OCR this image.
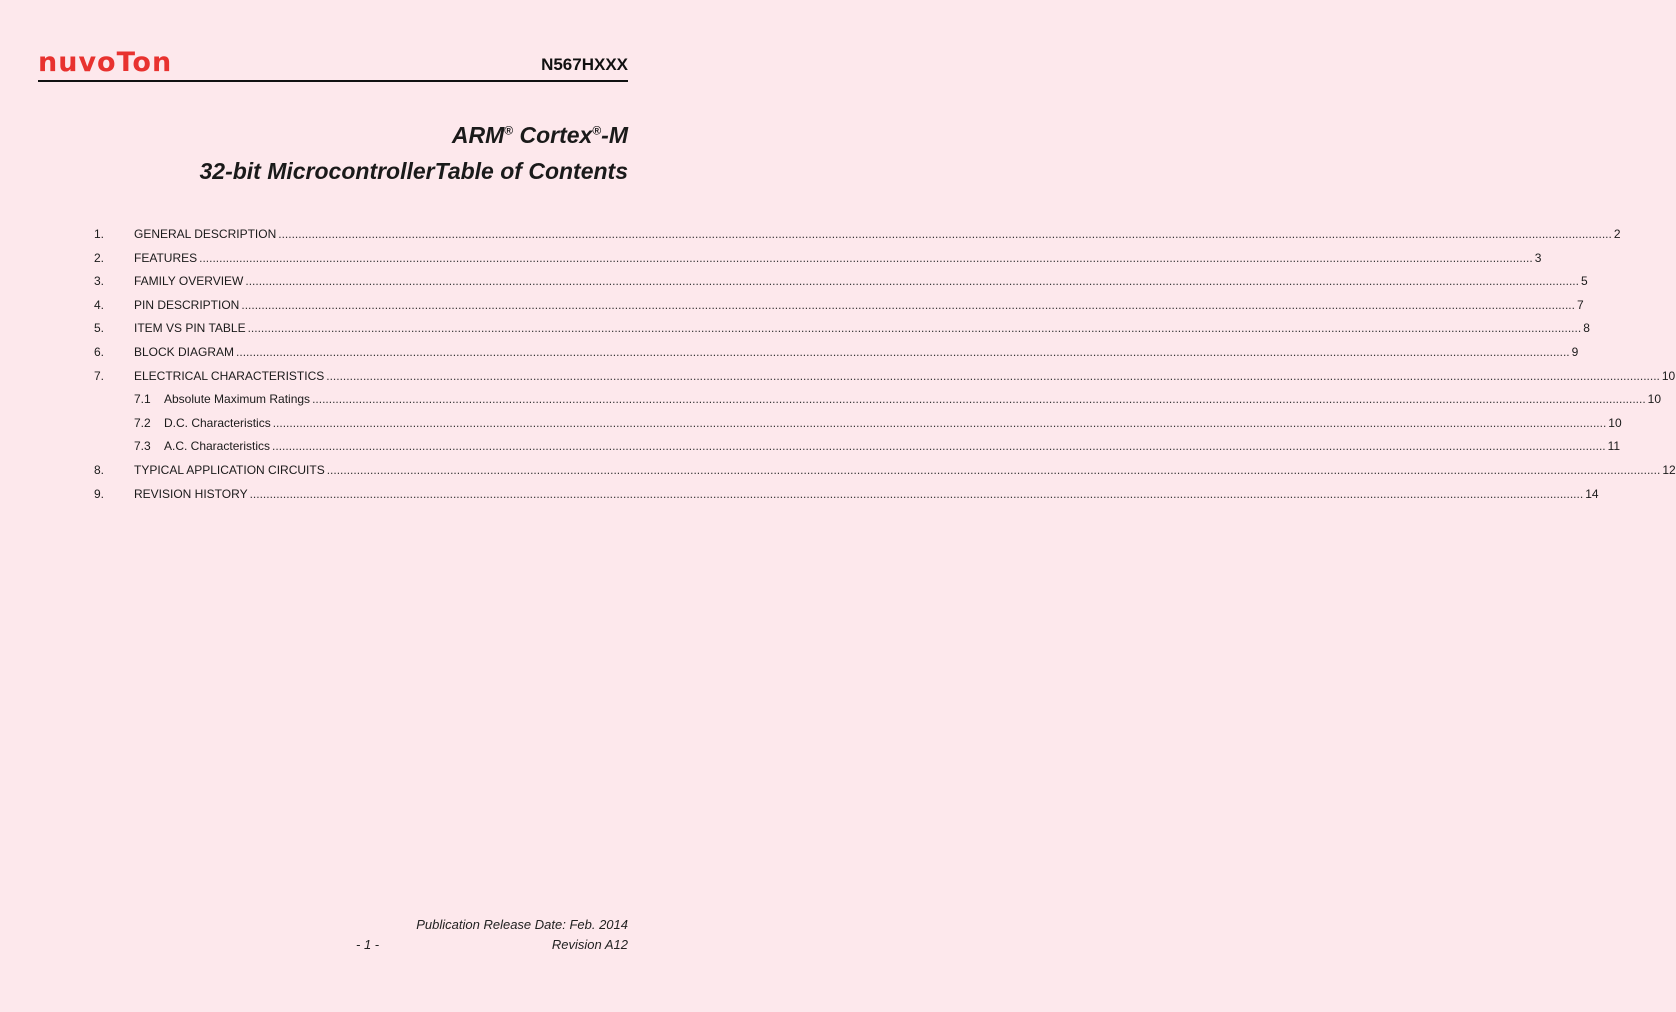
nuvoTon	N567HXXX
ARM® Cortex®-M
32-bit MicrocontrollerTable of Contents
1. GENERAL DESCRIPTION ................................................................................................................................................................................................................................................................................................................................................................................................................ 2
2. FEATURES ................................................................................................................................................................................................................................................................................................................................................................................................................ 3
3. FAMILY OVERVIEW ................................................................................................................................................................................................................................................................................................................................................................................................................ 5
4. PIN DESCRIPTION ................................................................................................................................................................................................................................................................................................................................................................................................................ 7
5. ITEM VS PIN TABLE ................................................................................................................................................................................................................................................................................................................................................................................................................ 8
6. BLOCK DIAGRAM ................................................................................................................................................................................................................................................................................................................................................................................................................ 9
7. ELECTRICAL CHARACTERISTICS ................................................................................................................................................................................................................................................................................................................................................................................................................ 10
7.1 Absolute Maximum Ratings ................................................................................................................................................................................................................................................................................................................................................................................................................ 10
7.2 D.C. Characteristics ................................................................................................................................................................................................................................................................................................................................................................................................................ 10
7.3 A.C. Characteristics ................................................................................................................................................................................................................................................................................................................................................................................................................ 11
8. TYPICAL APPLICATION CIRCUITS ................................................................................................................................................................................................................................................................................................................................................................................................................ 12
9. REVISION HISTORY ................................................................................................................................................................................................................................................................................................................................................................................................................ 14
Publication Release Date: Feb. 2014
- 1 -	Revision A12
